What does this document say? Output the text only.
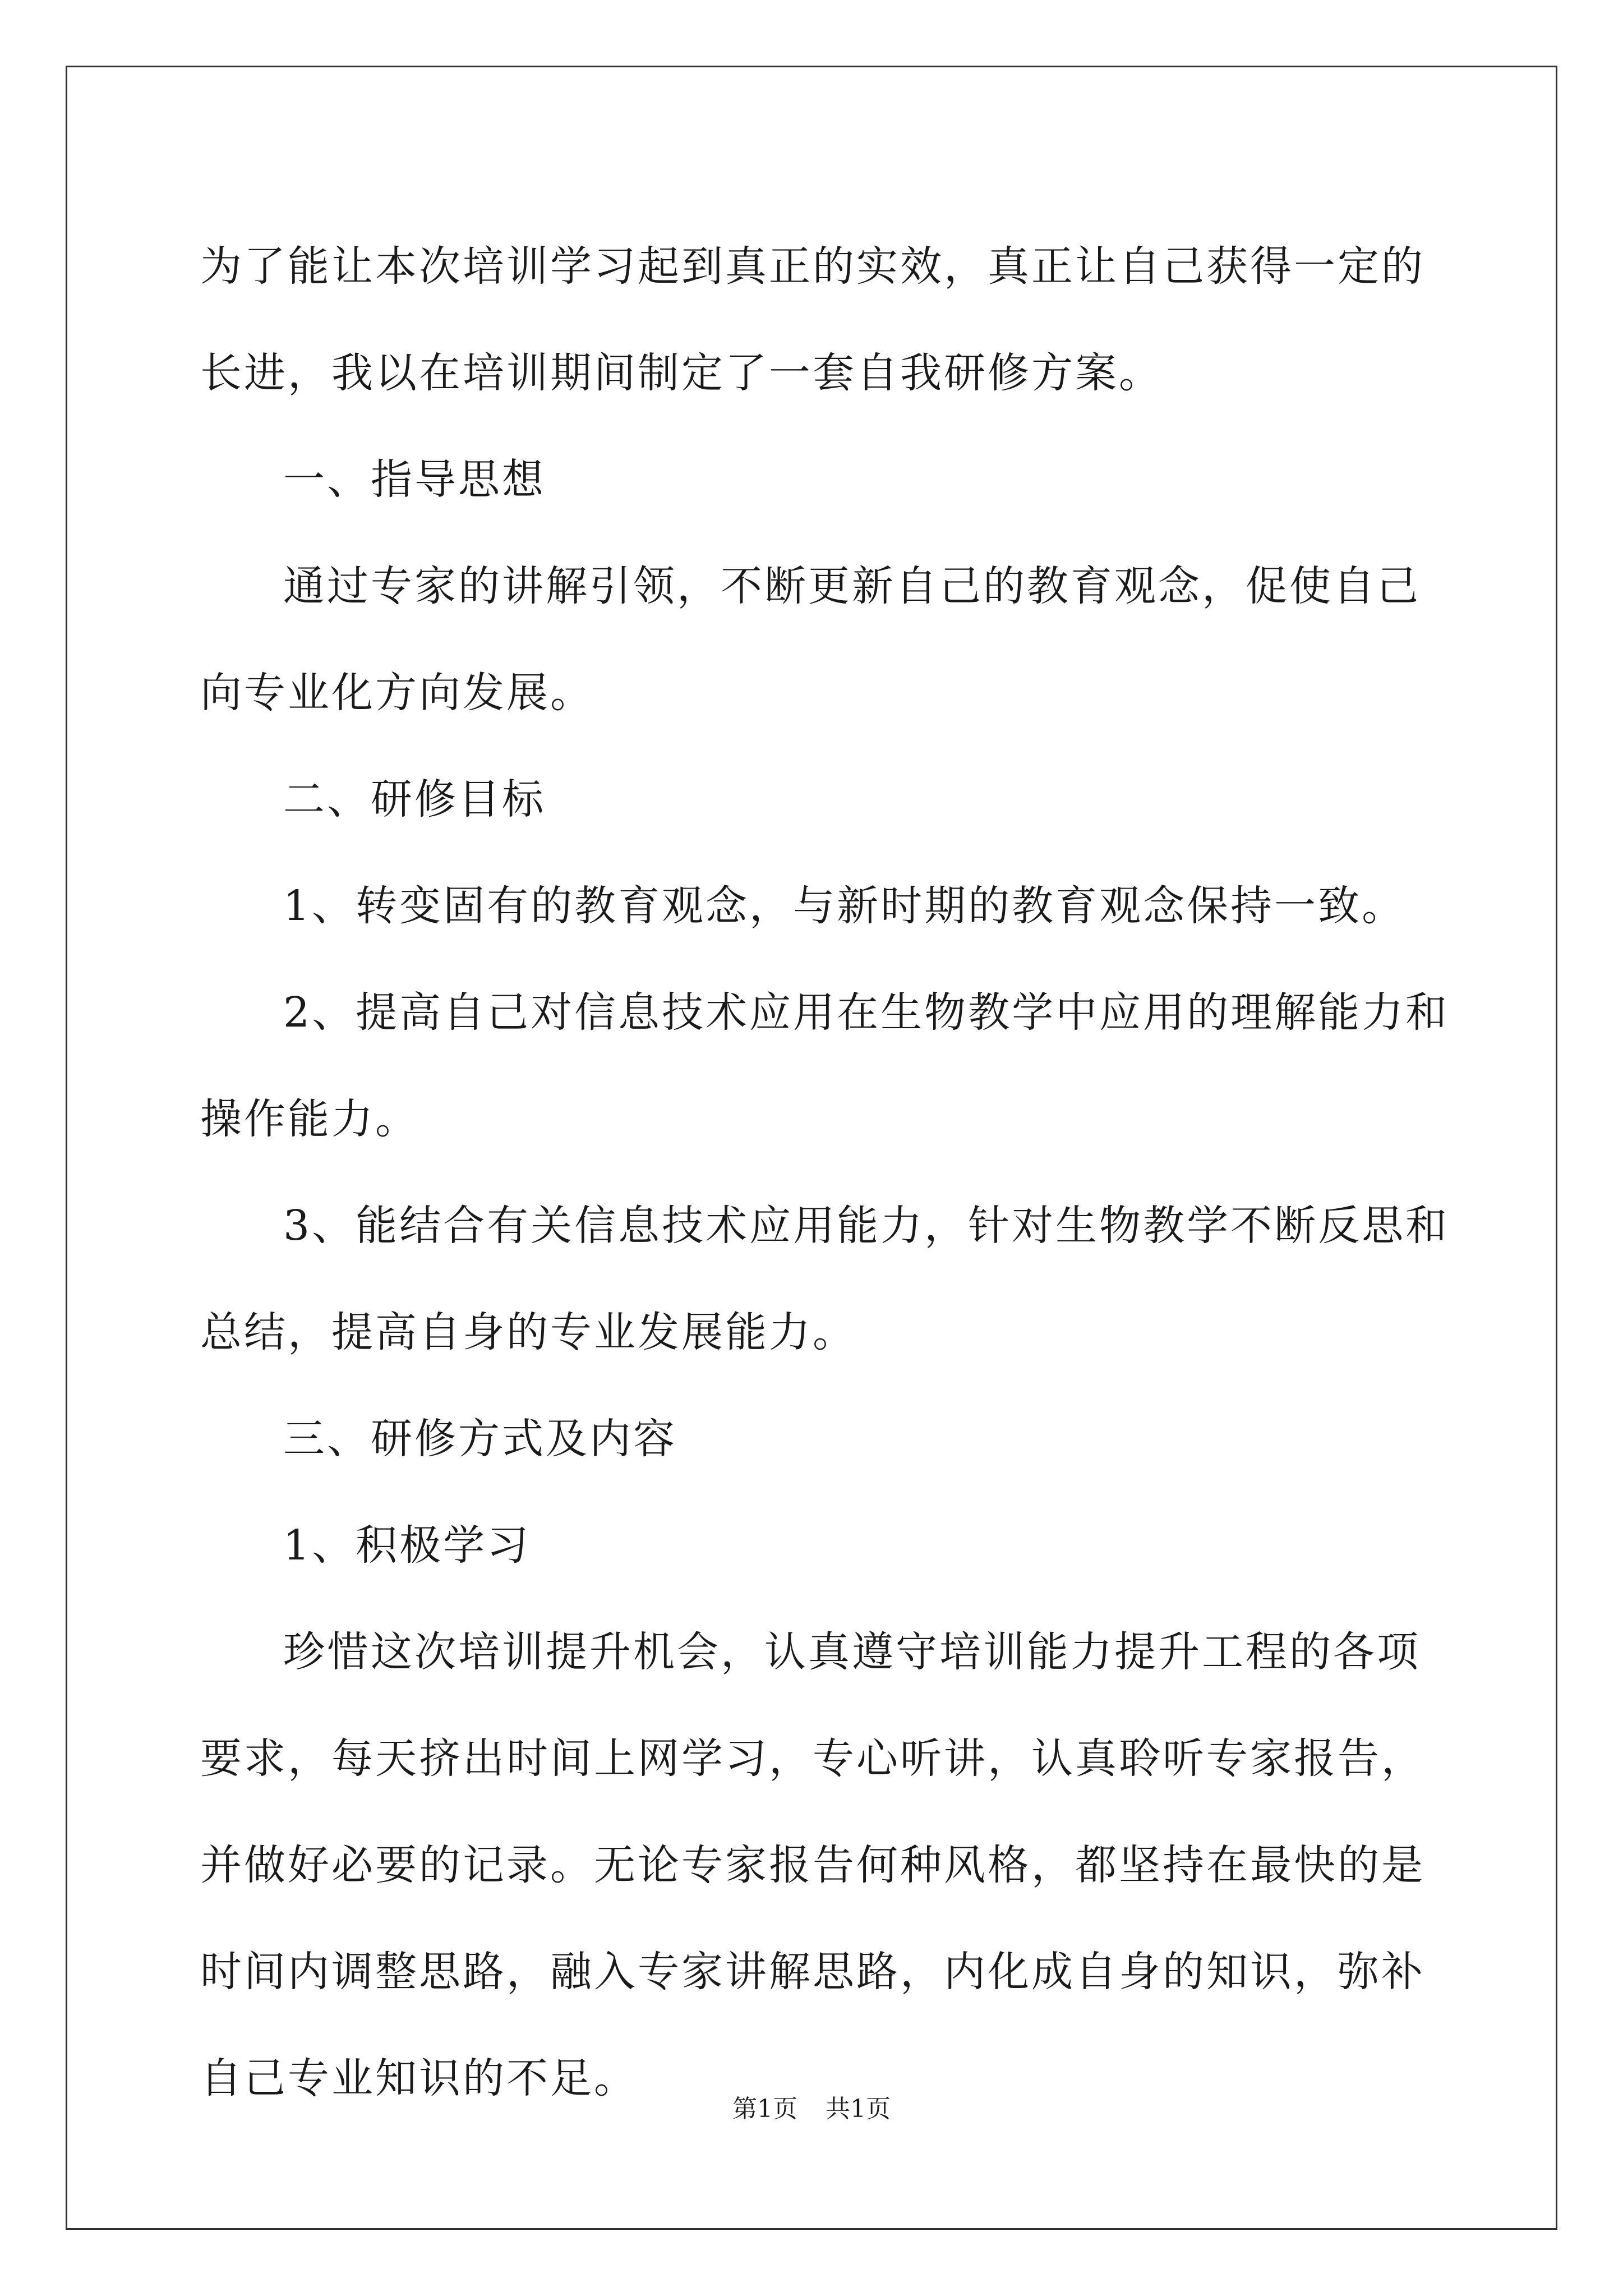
为了能让本次培训学习起到真正的实效，真正让自己获得一定的长进，我以在培训期间制定了一套自我研修方案。

一、指导思想

通过专家的讲解引领，不断更新自己的教育观念，促使自己向专业化方向发展。

二、研修目标

1、转变固有的教育观念，与新时期的教育观念保持一致。

2、提高自己对信息技术应用在生物教学中应用的理解能力和操作能力。

3、能结合有关信息技术应用能力，针对生物教学不断反思和总结，提高自身的专业发展能力。

三、研修方式及内容

1、积极学习

珍惜这次培训提升机会，认真遵守培训能力提升工程的各项要求，每天挤出时间上网学习，专心听讲，认真聆听专家报告，并做好必要的记录。无论专家报告何种风格，都坚持在最快的是时间内调整思路，融入专家讲解思路，内化成自身的知识，弥补自己专业知识的不足。

第1页 共1页
